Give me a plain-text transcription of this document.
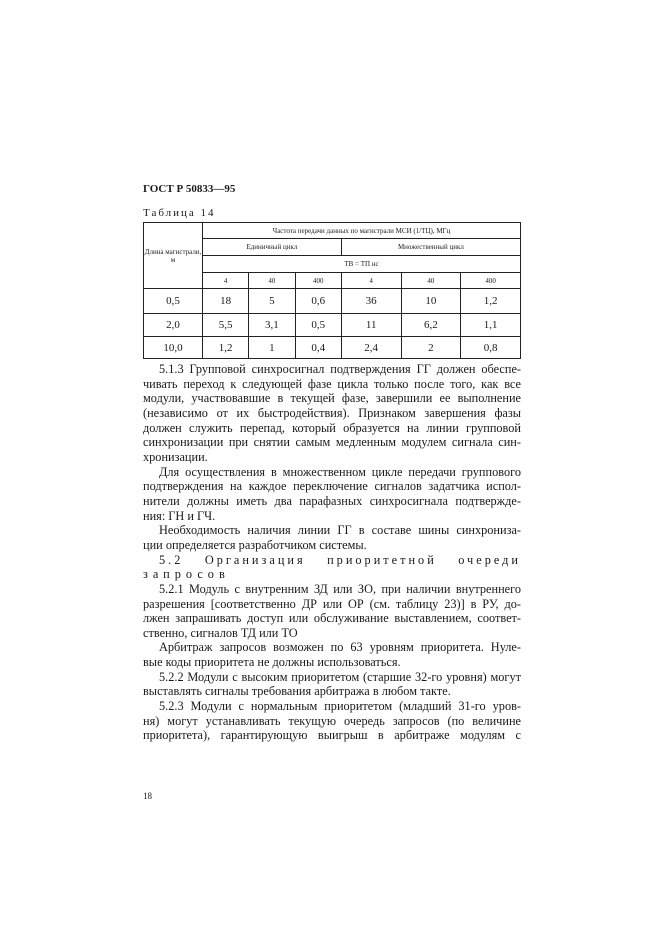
ГОСТ Р 50833—95
Таблица 14
Длина магистрали, м	Частота передачи данных по магистрали МСИ (1/ТЦ), МГц					
	Единичный цикл			Множественный цикл		
	ТВ = ТП нс					
	4	40	400	4	40	400
0,5	18	5	0,6	36	10	1,2
2,0	5,5	3,1	0,5	11	6,2	1,1
10,0	1,2	1	0,4	2,4	2	0,8
5.1.3 Групповой синхросигнал подтверждения ГГ должен обеспе-
чивать переход к следующей фазе цикла только после того, как все
модули, участвовавшие в текущей фазе, завершили ее выполнение
(независимо от их быстродействия). Признаком завершения фазы
должен служить перепад, который образуется на линии групповой
синхронизации при снятии самым медленным модулем сигнала син-
хронизации.
Для осуществления в множественном цикле передачи группового
подтверждения на каждое переключение сигналов задатчика испол-
нители должны иметь два парафазных синхросигнала подтвержде-
ния: ГН и ГЧ.
Необходимость наличия линии ГГ в составе шины синхрониза-
ции определяется разработчиком системы.
5.2 Организация приоритетной очереди
запросов
5.2.1 Модуль с внутренним ЗД или ЗО, при наличии внутреннего
разрешения [соответственно ДР или ОР (см. таблицу 23)] в РУ, до-
лжен запрашивать доступ или обслуживание выставлением, соответ-
ственно, сигналов ТД или ТО
Арбитраж запросов возможен по 63 уровням приоритета. Нуле-
вые коды приоритета не должны использоваться.
5.2.2 Модули с высоким приоритетом (старшие 32-го уровня) могут
выставлять сигналы требования арбитража в любом такте.
5.2.3 Модули с нормальным приоритетом (младший 31-го уров-
ня) могут устанавливать текущую очередь запросов (по величине
приоритета), гарантирующую выигрыш в арбитраже модулям с
18
